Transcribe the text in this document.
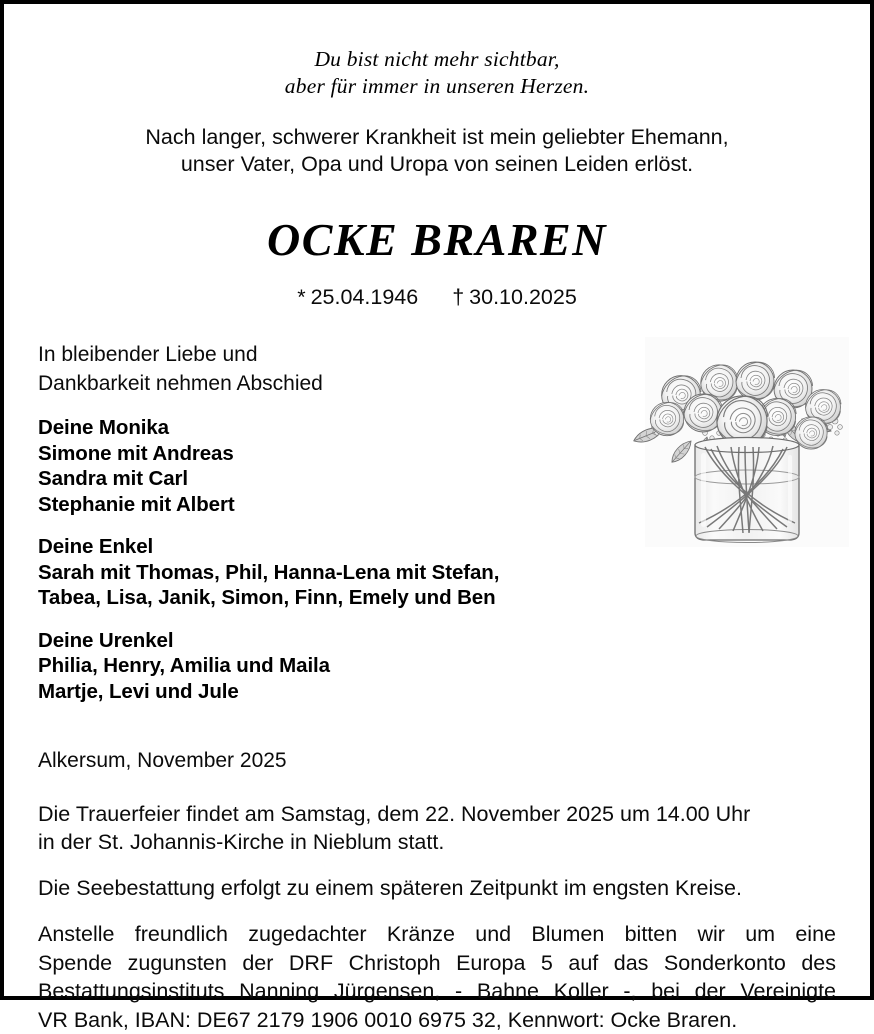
Du bist nicht mehr sichtbar,
aber für immer in unseren Herzen.
Nach langer, schwerer Krankheit ist mein geliebter Ehemann,
unser Vater, Opa und Uropa von seinen Leiden erlöst.
OCKE BRAREN
* 25.04.1946 † 30.10.2025
In bleibender Liebe und
Dankbarkeit nehmen Abschied
Deine Monika
Simone mit Andreas
Sandra mit Carl
Stephanie mit Albert
Deine Enkel
Sarah mit Thomas, Phil, Hanna-Lena mit Stefan,
Tabea, Lisa, Janik, Simon, Finn, Emely und Ben
Deine Urenkel
Philia, Henry, Amilia und Maila
Martje, Levi und Jule
Alkersum, November 2025
Die Trauerfeier findet am Samstag, dem 22. November 2025 um 14.00 Uhr
in der St. Johannis-Kirche in Nieblum statt.
Die Seebestattung erfolgt zu einem späteren Zeitpunkt im engsten Kreise.
Anstelle freundlich zugedachter Kränze und Blumen bitten wir um eine
Spende zugunsten der DRF Christoph Europa 5 auf das Sonderkonto des
Bestattungsinstituts Nanning Jürgensen, - Bahne Koller -, bei der Vereinigte
VR Bank, IBAN: DE67 2179 1906 0010 6975 32, Kennwort: Ocke Braren.
